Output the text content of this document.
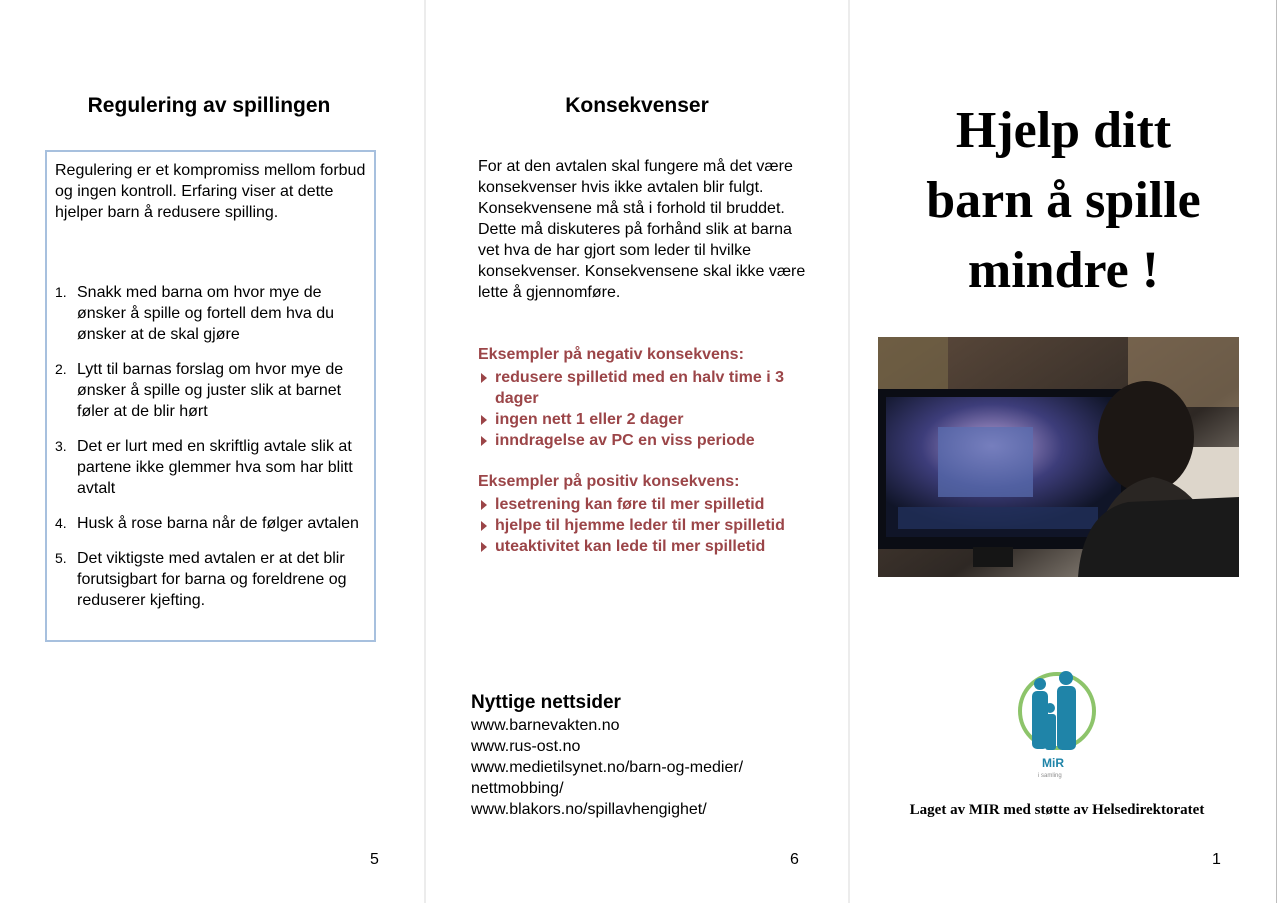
Regulering av spillingen
Regulering er et kompromiss mellom forbud og ingen kontroll. Erfaring viser at dette hjelper barn å redusere spilling.
1. Snakk med barna om hvor mye de ønsker å spille og fortell dem hva du ønsker at de skal gjøre
2. Lytt til barnas forslag om hvor mye de ønsker å spille og juster slik at barnet føler at de blir hørt
3. Det er lurt med en skriftlig avtale slik at partene ikke glemmer hva som har blitt avtalt
4. Husk å rose barna når de følger avtalen
5. Det viktigste med avtalen er at det blir forutsigbart for barna og foreldrene og reduserer kjefting.
5
Konsekvenser
For at den avtalen skal fungere må det være konsekvenser hvis ikke avtalen blir fulgt. Konsekvensene må stå i forhold til bruddet. Dette må diskuteres på forhånd slik at barna vet hva de har gjort som leder til hvilke konsekvenser. Konsekvensene skal ikke være lette å gjennomføre.
Eksempler på negativ konsekvens:
redusere spilletid med en halv time i 3 dager
ingen nett 1 eller 2 dager
inndragelse av PC en viss periode
Eksempler på positiv konsekvens:
lesetrening kan føre til mer spilletid
hjelpe til hjemme leder til mer spilletid
uteaktivitet kan lede til mer spilletid
Nyttige nettsider
www.barnevakten.no
www.rus-ost.no
www.medietilsynet.no/barn-og-medier/
nettmobbing/
www.blakors.no/spillavhengighet/
6
Hjelp ditt
barn å spille
mindre !
MiR
i samling
Laget av MIR med støtte av Helsedirektoratet
1
